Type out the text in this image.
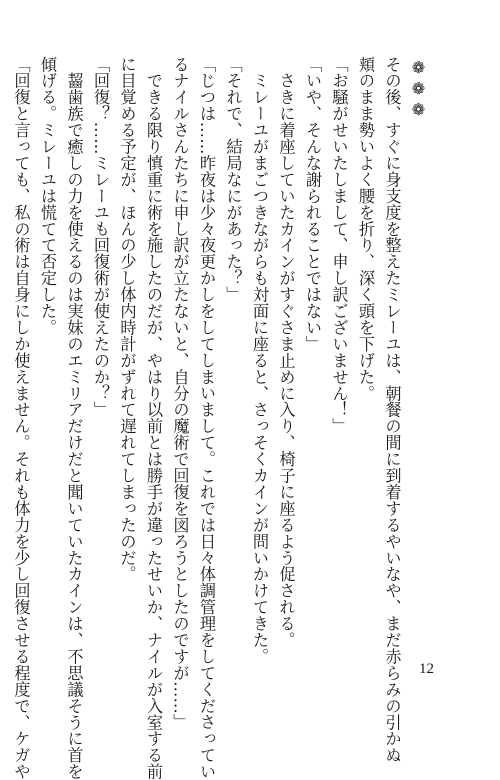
❁❁❁
その後、すぐに身支度を整えたミレーユは、朝餐の間に到着するやいなや、まだ赤らみの引かぬ
頬のまま勢いよく腰を折り、深く頭を下げた。
「お騒がせいたしまして、申し訳ございません！」
「いや、そんな謝られることではない」
　さきに着座していたカインがすぐさま止めに入り、椅子に座るよう促される。
　ミレーユがまごつきながらも対面に座ると、さっそくカインが問いかけてきた。
「それで、結局なにがあった？」
「じつは……昨夜は少々夜更かしをしてしまいまして。これでは日々体調管理をしてくださってい
るナイルさんたちに申し訳が立たないと、自分の魔術で回復を図ろうとしたのですが……」
　できる限り慎重に術を施したのだが、やはり以前とは勝手が違ったせいか、ナイルが入室する前
に目覚める予定が、ほんの少し体内時計がずれて遅れてしまったのだ。
「回復？……ミレーユも回復術が使えたのか？」
　齧歯族で癒しの力を使えるのは実妹のエミリアだけだと聞いていたカインは、不思議そうに首を
傾げる。ミレーユは慌てて否定した。
「回復と言っても、私の術は自身にしか使えません。それも体力を少し回復させる程度で、ケガや	12
